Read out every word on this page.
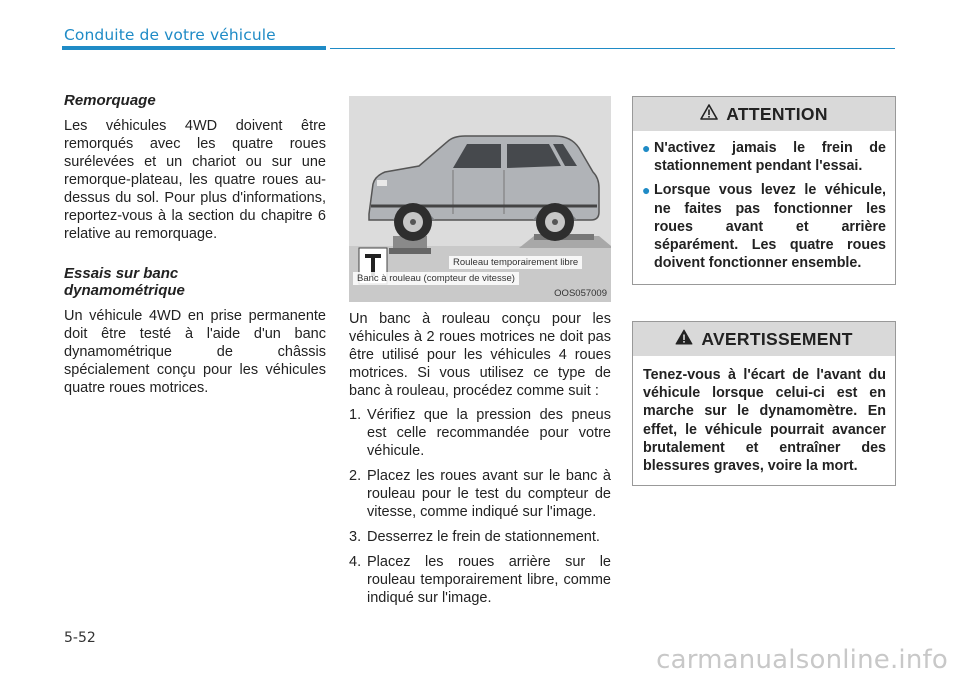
Conduite de votre véhicule
Remorquage

Les véhicules 4WD doivent être remorqués avec les quatre roues surélevées et un chariot ou sur une remorque-plateau, les quatre roues au-dessus du sol. Pour plus d'informations, reportez-vous à la section du chapitre 6 relative au remorquage.

Essais sur banc dynamométrique

Un véhicule 4WD en prise permanente doit être testé à l'aide d'un banc dynamométrique de châssis spécialement conçu pour les véhicules quatre roues motrices.

Rouleau temporairement libre
Banc à rouleau (compteur de vitesse)
OOS057009

Un banc à rouleau conçu pour les véhicules à 2 roues motrices ne doit pas être utilisé pour les véhicules 4 roues motrices. Si vous utilisez ce type de banc à rouleau, procédez comme suit :

1. Vérifiez que la pression des pneus est celle recommandée pour votre véhicule.
2. Placez les roues avant sur le banc à rouleau pour le test du compteur de vitesse, comme indiqué sur l'image.
3. Desserrez le frein de stationnement.
4. Placez les roues arrière sur le rouleau temporairement libre, comme indiqué sur l'image.
ATTENTION
● N'activez jamais le frein de stationnement pendant l'essai.
● Lorsque vous levez le véhicule, ne faites pas fonctionner les roues avant et arrière séparément. Les quatre roues doivent fonctionner ensemble.
AVERTISSEMENT

Tenez-vous à l'écart de l'avant du véhicule lorsque celui-ci est en marche sur le dynamomètre. En effet, le véhicule pourrait avancer brutalement et entraîner des blessures graves, voire la mort.

5-52
carmanualsonline.info
